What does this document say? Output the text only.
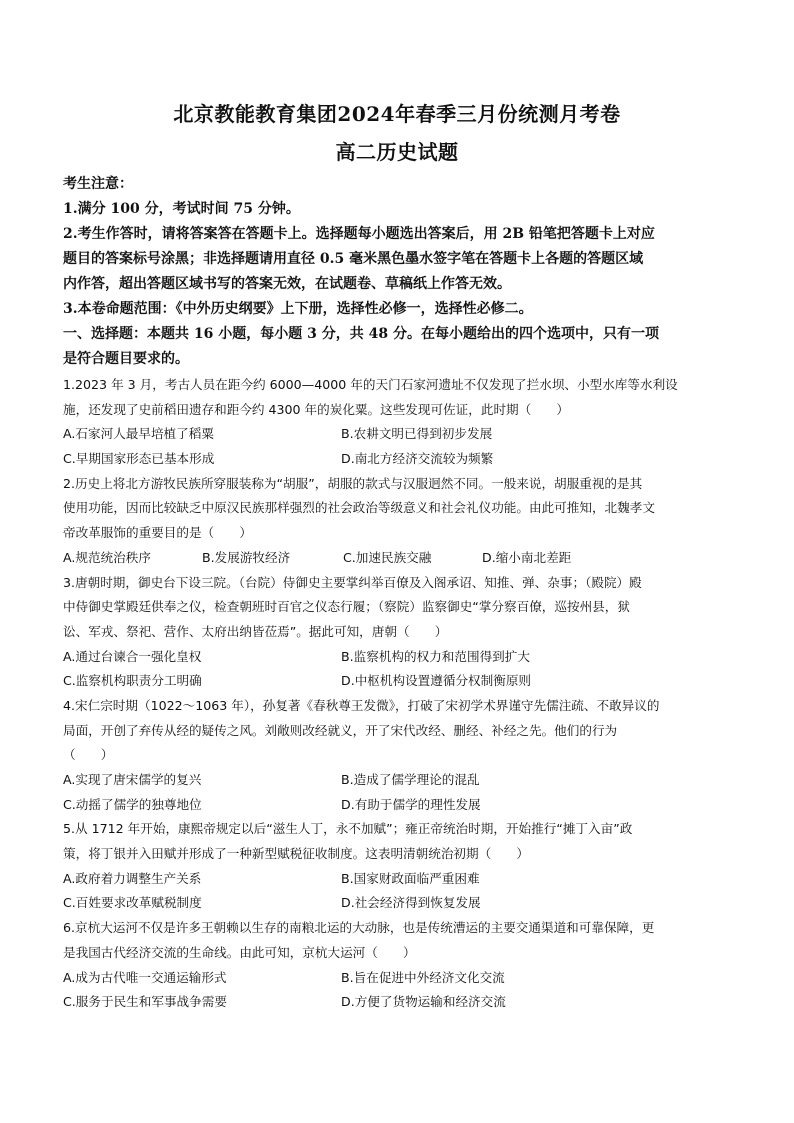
北京教能教育集团2024年春季三月份统测月考卷
高二历史试题
考生注意：
1.满分 100 分，考试时间 75 分钟。
2.考生作答时，请将答案答在答题卡上。选择题每小题选出答案后，用 2B 铅笔把答题卡上对应
题目的答案标号涂黑；非选择题请用直径 0.5 毫米黑色墨水签字笔在答题卡上各题的答题区域
内作答，超出答题区域书写的答案无效，在试题卷、草稿纸上作答无效。
3.本卷命题范围：《中外历史纲要》上下册，选择性必修一，选择性必修二。
一、选择题：本题共 16 小题，每小题 3 分，共 48 分。在每小题给出的四个选项中，只有一项
是符合题目要求的。
1.2023 年 3 月，考古人员在距今约 6000—4000 年的天门石家河遗址不仅发现了拦水坝、小型水库等水利设
施，还发现了史前稻田遗存和距今约 4300 年的炭化粟。这些发现可佐证，此时期（　　）
A.石家河人最早培植了稻粟	B.农耕文明已得到初步发展
C.早期国家形态已基本形成	D.南北方经济交流较为频繁
2.历史上将北方游牧民族所穿服装称为“胡服”，胡服的款式与汉服迥然不同。一般来说，胡服重视的是其
使用功能，因而比较缺乏中原汉民族那样强烈的社会政治等级意义和社会礼仪功能。由此可推知，北魏孝文
帝改革服饰的重要目的是（　　）
A.规范统治秩序	B.发展游牧经济	C.加速民族交融	D.缩小南北差距
3.唐朝时期，御史台下设三院。（台院）侍御史主要掌纠举百僚及入阁承诏、知推、弹、杂事；（殿院）殿
中侍御史掌殿廷供奉之仪，检查朝班时百官之仪态行履；（察院）监察御史“掌分察百僚，巡按州县，狱
讼、军戎、祭祀、营作、太府出纳皆莅焉”。据此可知，唐朝（　　）
A.通过台谏合一强化皇权	B.监察机构的权力和范围得到扩大
C.监察机构职责分工明确	D.中枢机构设置遵循分权制衡原则
4.宋仁宗时期（1022～1063 年），孙复著《春秋尊王发微》，打破了宋初学术界谨守先儒注疏、不敢异议的
局面，开创了弃传从经的疑传之风。刘敞则改经就义，开了宋代改经、删经、补经之先。他们的行为
（　　）
A.实现了唐宋儒学的复兴	B.造成了儒学理论的混乱
C.动摇了儒学的独尊地位	D.有助于儒学的理性发展
5.从 1712 年开始，康熙帝规定以后“滋生人丁，永不加赋”；雍正帝统治时期，开始推行“摊丁入亩”政
策，将丁银并入田赋并形成了一种新型赋税征收制度。这表明清朝统治初期（　　）
A.政府着力调整生产关系	B.国家财政面临严重困难
C.百姓要求改革赋税制度	D.社会经济得到恢复发展
6.京杭大运河不仅是许多王朝赖以生存的南粮北运的大动脉，也是传统漕运的主要交通渠道和可靠保障，更
是我国古代经济交流的生命线。由此可知，京杭大运河（　　）
A.成为古代唯一交通运输形式	B.旨在促进中外经济文化交流
C.服务于民生和军事战争需要	D.方便了货物运输和经济交流
